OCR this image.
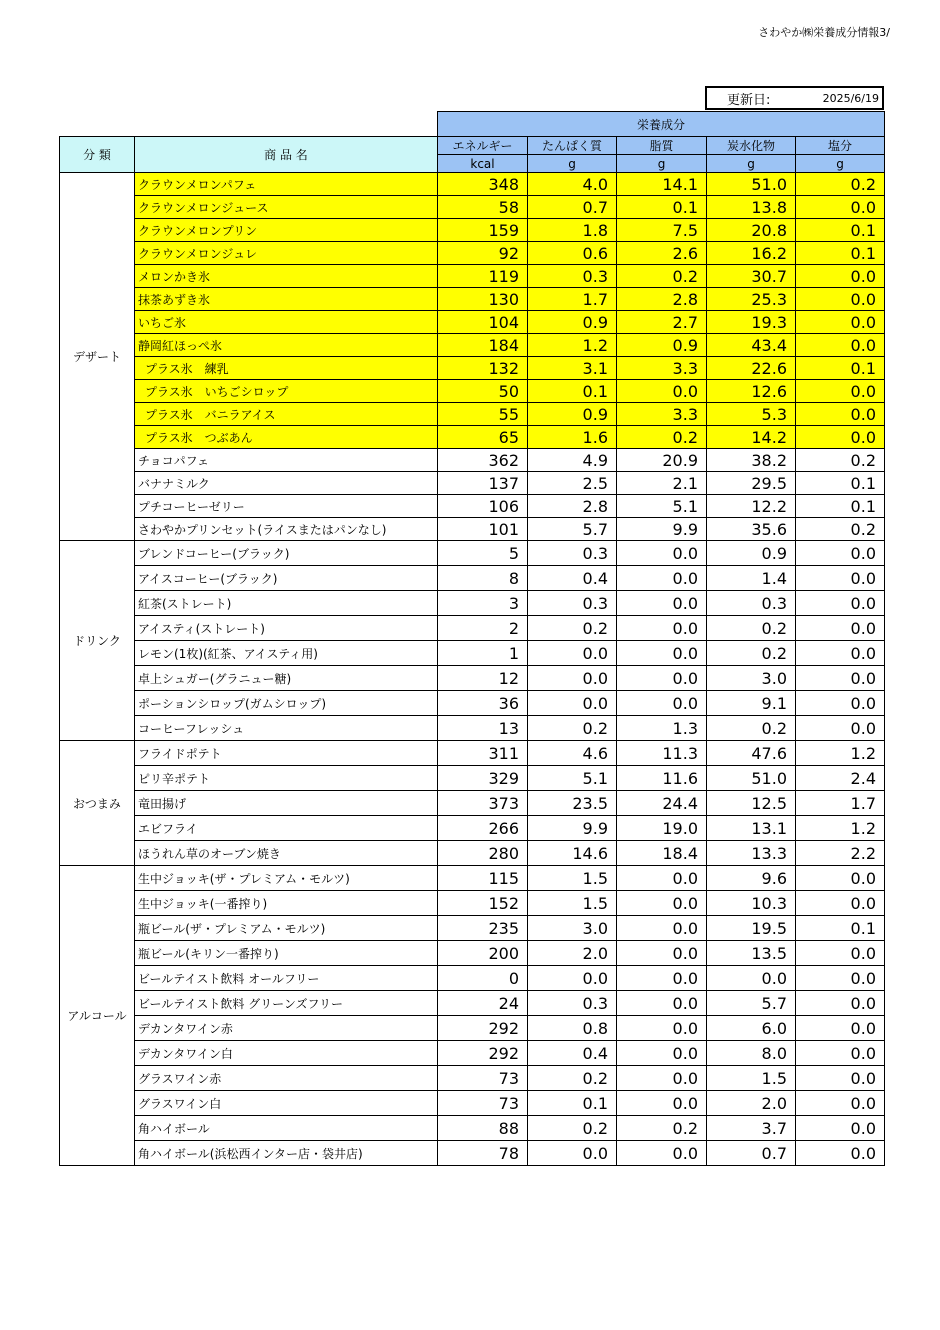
さわやか㈱栄養成分情報3/
更新日:	2025/6/19
		栄養成分				
分 類	商 品 名	エネルギー	たんぱく質	脂質	炭水化物	塩分
		kcal	g	g	g	g
デザート	クラウンメロンパフェ	348	4.0	14.1	51.0	0.2
	クラウンメロンジュース	58	0.7	0.1	13.8	0.0
	クラウンメロンプリン	159	1.8	7.5	20.8	0.1
	クラウンメロンジュレ	92	0.6	2.6	16.2	0.1
	メロンかき氷	119	0.3	0.2	30.7	0.0
	抹茶あずき氷	130	1.7	2.8	25.3	0.0
	いちご氷	104	0.9	2.7	19.3	0.0
	静岡紅ほっぺ氷	184	1.2	0.9	43.4	0.0
	プラス氷　練乳	132	3.1	3.3	22.6	0.1
	プラス氷　いちごシロップ	50	0.1	0.0	12.6	0.0
	プラス氷　バニラアイス	55	0.9	3.3	5.3	0.0
	プラス氷　つぶあん	65	1.6	0.2	14.2	0.0
	チョコパフェ	362	4.9	20.9	38.2	0.2
	バナナミルク	137	2.5	2.1	29.5	0.1
	プチコーヒーゼリー	106	2.8	5.1	12.2	0.1
	さわやかプリンセット(ライスまたはパンなし)	101	5.7	9.9	35.6	0.2
ドリンク	ブレンドコーヒー(ブラック)	5	0.3	0.0	0.9	0.0
	アイスコーヒー(ブラック)	8	0.4	0.0	1.4	0.0
	紅茶(ストレート)	3	0.3	0.0	0.3	0.0
	アイスティ(ストレート)	2	0.2	0.0	0.2	0.0
	レモン(1枚)(紅茶、アイスティ用)	1	0.0	0.0	0.2	0.0
	卓上シュガー(グラニュー糖)	12	0.0	0.0	3.0	0.0
	ポーションシロップ(ガムシロップ)	36	0.0	0.0	9.1	0.0
	コーヒーフレッシュ	13	0.2	1.3	0.2	0.0
おつまみ	フライドポテト	311	4.6	11.3	47.6	1.2
	ピリ辛ポテト	329	5.1	11.6	51.0	2.4
	竜田揚げ	373	23.5	24.4	12.5	1.7
	エビフライ	266	9.9	19.0	13.1	1.2
	ほうれん草のオーブン焼き	280	14.6	18.4	13.3	2.2
アルコール	生中ジョッキ(ザ・プレミアム・モルツ)	115	1.5	0.0	9.6	0.0
	生中ジョッキ(一番搾り)	152	1.5	0.0	10.3	0.0
	瓶ビール(ザ・プレミアム・モルツ)	235	3.0	0.0	19.5	0.1
	瓶ビール(キリン一番搾り)	200	2.0	0.0	13.5	0.0
	ビールテイスト飲料 オールフリー	0	0.0	0.0	0.0	0.0
	ビールテイスト飲料 グリーンズフリー	24	0.3	0.0	5.7	0.0
	デカンタワイン赤	292	0.8	0.0	6.0	0.0
	デカンタワイン白	292	0.4	0.0	8.0	0.0
	グラスワイン赤	73	0.2	0.0	1.5	0.0
	グラスワイン白	73	0.1	0.0	2.0	0.0
	角ハイボール	88	0.2	0.2	3.7	0.0
	角ハイボール(浜松西インター店・袋井店)	78	0.0	0.0	0.7	0.0
